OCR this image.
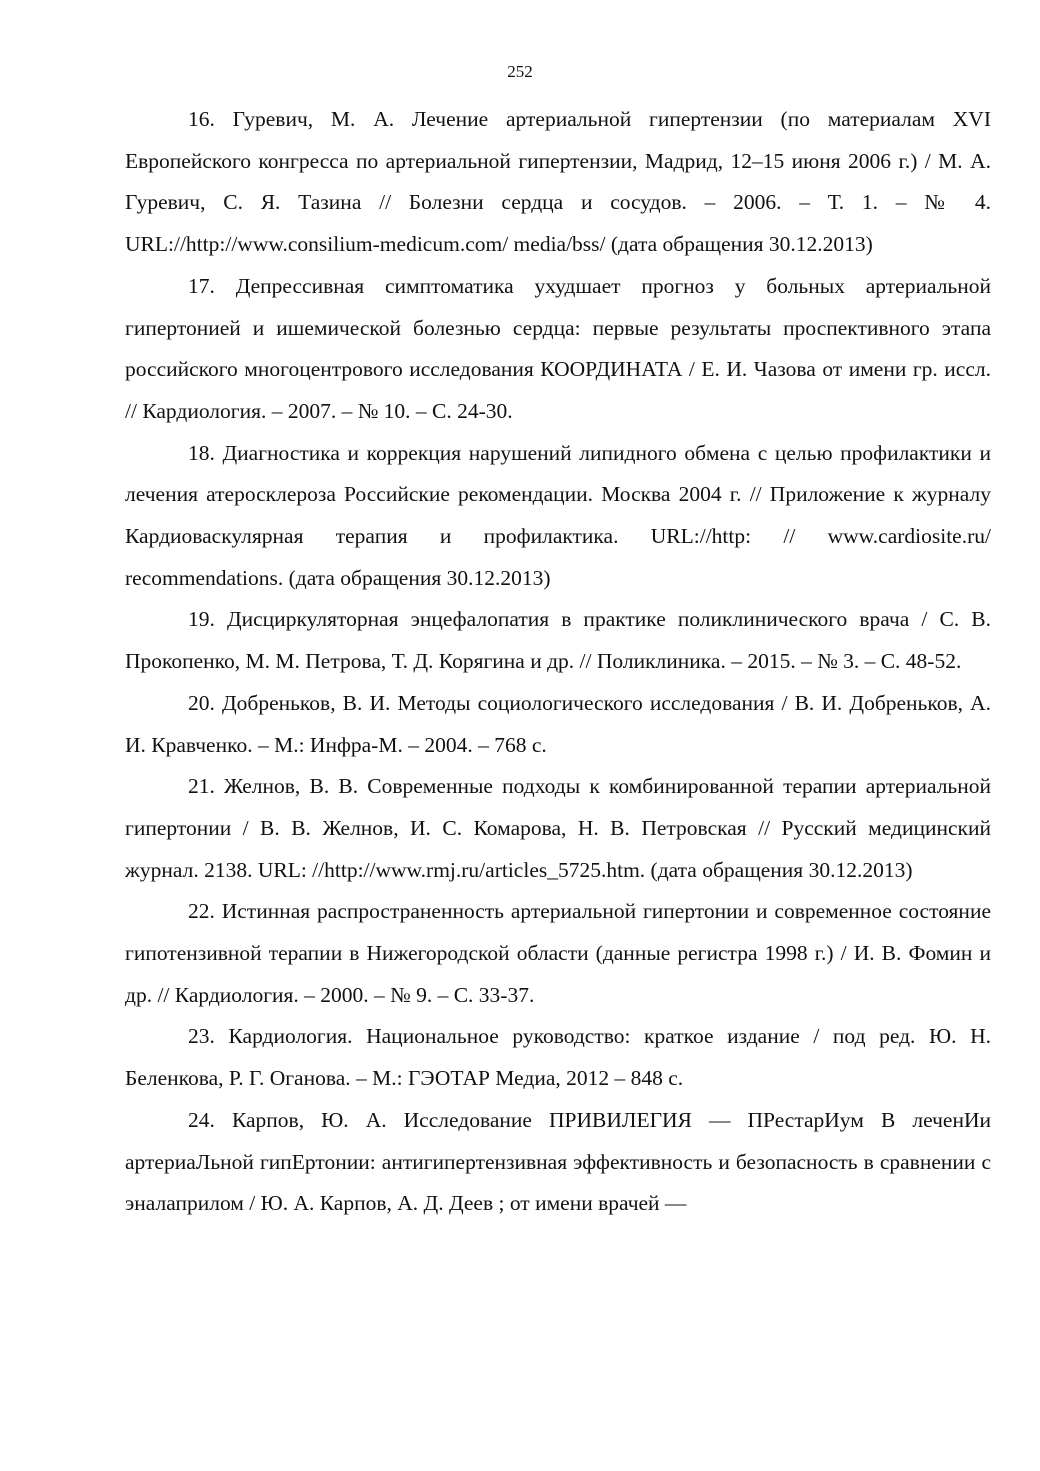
252

16. Гуревич, М. А. Лечение артериальной гипертензии (по материалам XVI Европейского конгресса по артериальной гипертензии, Мадрид, 12–15 июня 2006 г.) / М. А. Гуревич, С. Я. Тазина // Болезни сердца и сосудов. – 2006. – Т. 1. – № 4. URL://http://www.consilium-medicum.com/ media/bss/ (дата обращения 30.12.2013)

17. Депрессивная симптоматика ухудшает прогноз у больных артериальной гипертонией и ишемической болезнью сердца: первые результаты проспективного этапа российского многоцентрового исследования КООРДИНАТА / Е. И. Чазова от имени гр. иссл. // Кардиология. – 2007. – № 10. – С. 24-30.

18. Диагностика и коррекция нарушений липидного обмена с целью профилактики и лечения атеросклероза Российские рекомендации. Москва 2004 г. // Приложение к журналу Кардиоваскулярная терапия и профилактика. URL://http: // www.cardiosite.ru/ recommendations. (дата обращения 30.12.2013)

19. Дисциркуляторная энцефалопатия в практике поликлинического врача / С. В. Прокопенко, М. М. Петрова, Т. Д. Корягина и др. // Поликлиника. – 2015. – № 3. – С. 48-52.

20. Добреньков, В. И. Методы социологического исследования / В. И. Добреньков, А. И. Кравченко. – М.: Инфра-М. – 2004. – 768 с.

21. Желнов, В. В. Современные подходы к комбинированной терапии артериальной гипертонии / В. В. Желнов, И. С. Комарова, Н. В. Петровская // Русский медицинский журнал. 2138. URL: //http://www.rmj.ru/articles_5725.htm. (дата обращения 30.12.2013)

22. Истинная распространенность артериальной гипертонии и современное состояние гипотензивной терапии в Нижегородской области (данные регистра 1998 г.) / И. В. Фомин и др. // Кардиология. – 2000. – № 9. – С. 33-37.

23. Кардиология. Национальное руководство: краткое издание / под ред. Ю. Н. Беленкова, Р. Г. Оганова. – М.: ГЭОТАР Медиа, 2012 – 848 с.

24. Карпов, Ю. А. Исследование ПРИВИЛЕГИЯ — ПРестарИум В леченИи артериаЛьной гипЕртонии: антигипертензивная эффективность и безопасность в сравнении с эналаприлом / Ю. А. Карпов, А. Д. Деев ; от имени врачей —
